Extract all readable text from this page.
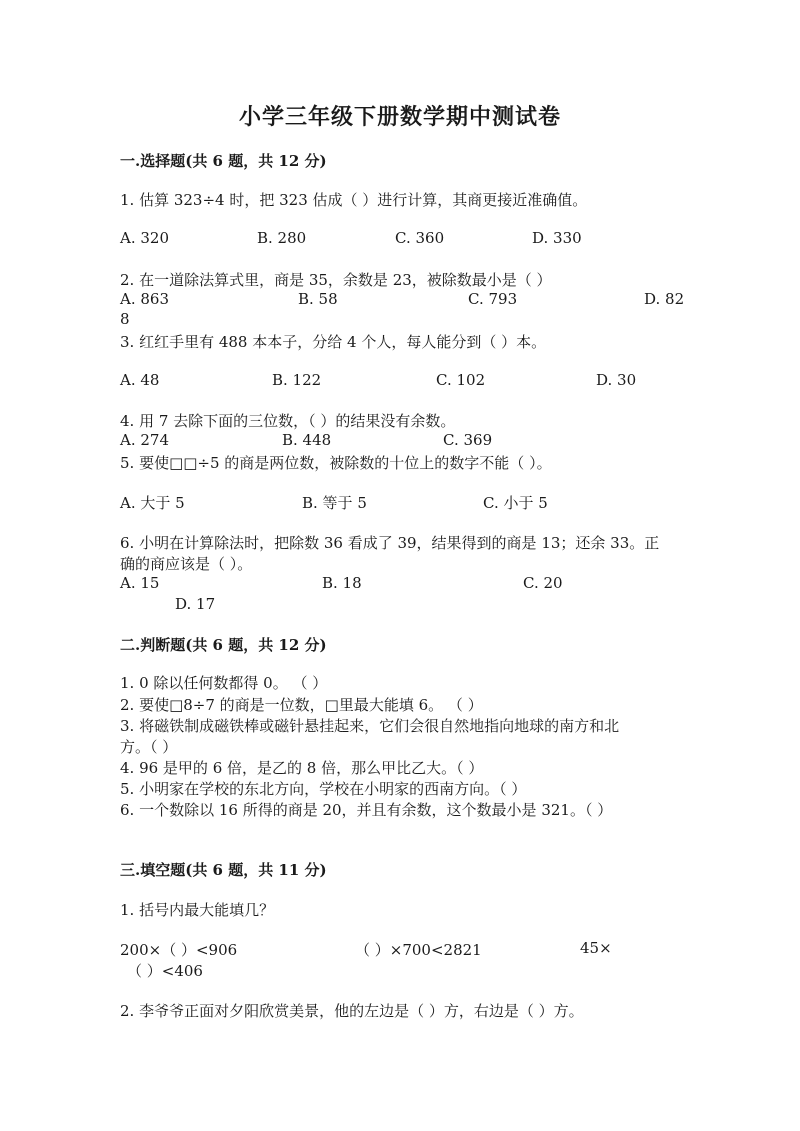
小学三年级下册数学期中测试卷
一.选择题(共 6 题，共 12 分)
1. 估算 323÷4 时，把 323 估成（ ）进行计算，其商更接近准确值。
A. 320	B. 280	C. 360	D. 330
2. 在一道除法算式里，商是 35，余数是 23，被除数最小是（ ）
A. 863	B. 58	C. 793	D. 82
8
3. 红红手里有 488 本本子，分给 4 个人，每人能分到（ ）本。
A. 48	B. 122	C. 102	D. 30
4. 用 7 去除下面的三位数，（ ）的结果没有余数。
A. 274	B. 448	C. 369
5. 要使□□÷5 的商是两位数，被除数的十位上的数字不能（ ）。
A. 大于 5	B. 等于 5	C. 小于 5
6. 小明在计算除法时，把除数 36 看成了 39，结果得到的商是 13；还余 33。正
确的商应该是（ ）。
A. 15	B. 18	C. 20
D. 17
二.判断题(共 6 题，共 12 分)
1. 0 除以任何数都得 0。 （ ）
2. 要使□8÷7 的商是一位数，□里最大能填 6。 （ ）
3. 将磁铁制成磁铁棒或磁针悬挂起来，它们会很自然地指向地球的南方和北
方。（ ）
4. 96 是甲的 6 倍，是乙的 8 倍，那么甲比乙大。（ ）
5. 小明家在学校的东北方向，学校在小明家的西南方向。（ ）
6. 一个数除以 16 所得的商是 20，并且有余数，这个数最小是 321。（ ）
三.填空题(共 6 题，共 11 分)
1. 括号内最大能填几？
200×（ ）<906	（ ）×700<2821	45×
（ ）<406
2. 李爷爷正面对夕阳欣赏美景，他的左边是（ ）方，右边是（ ）方。
